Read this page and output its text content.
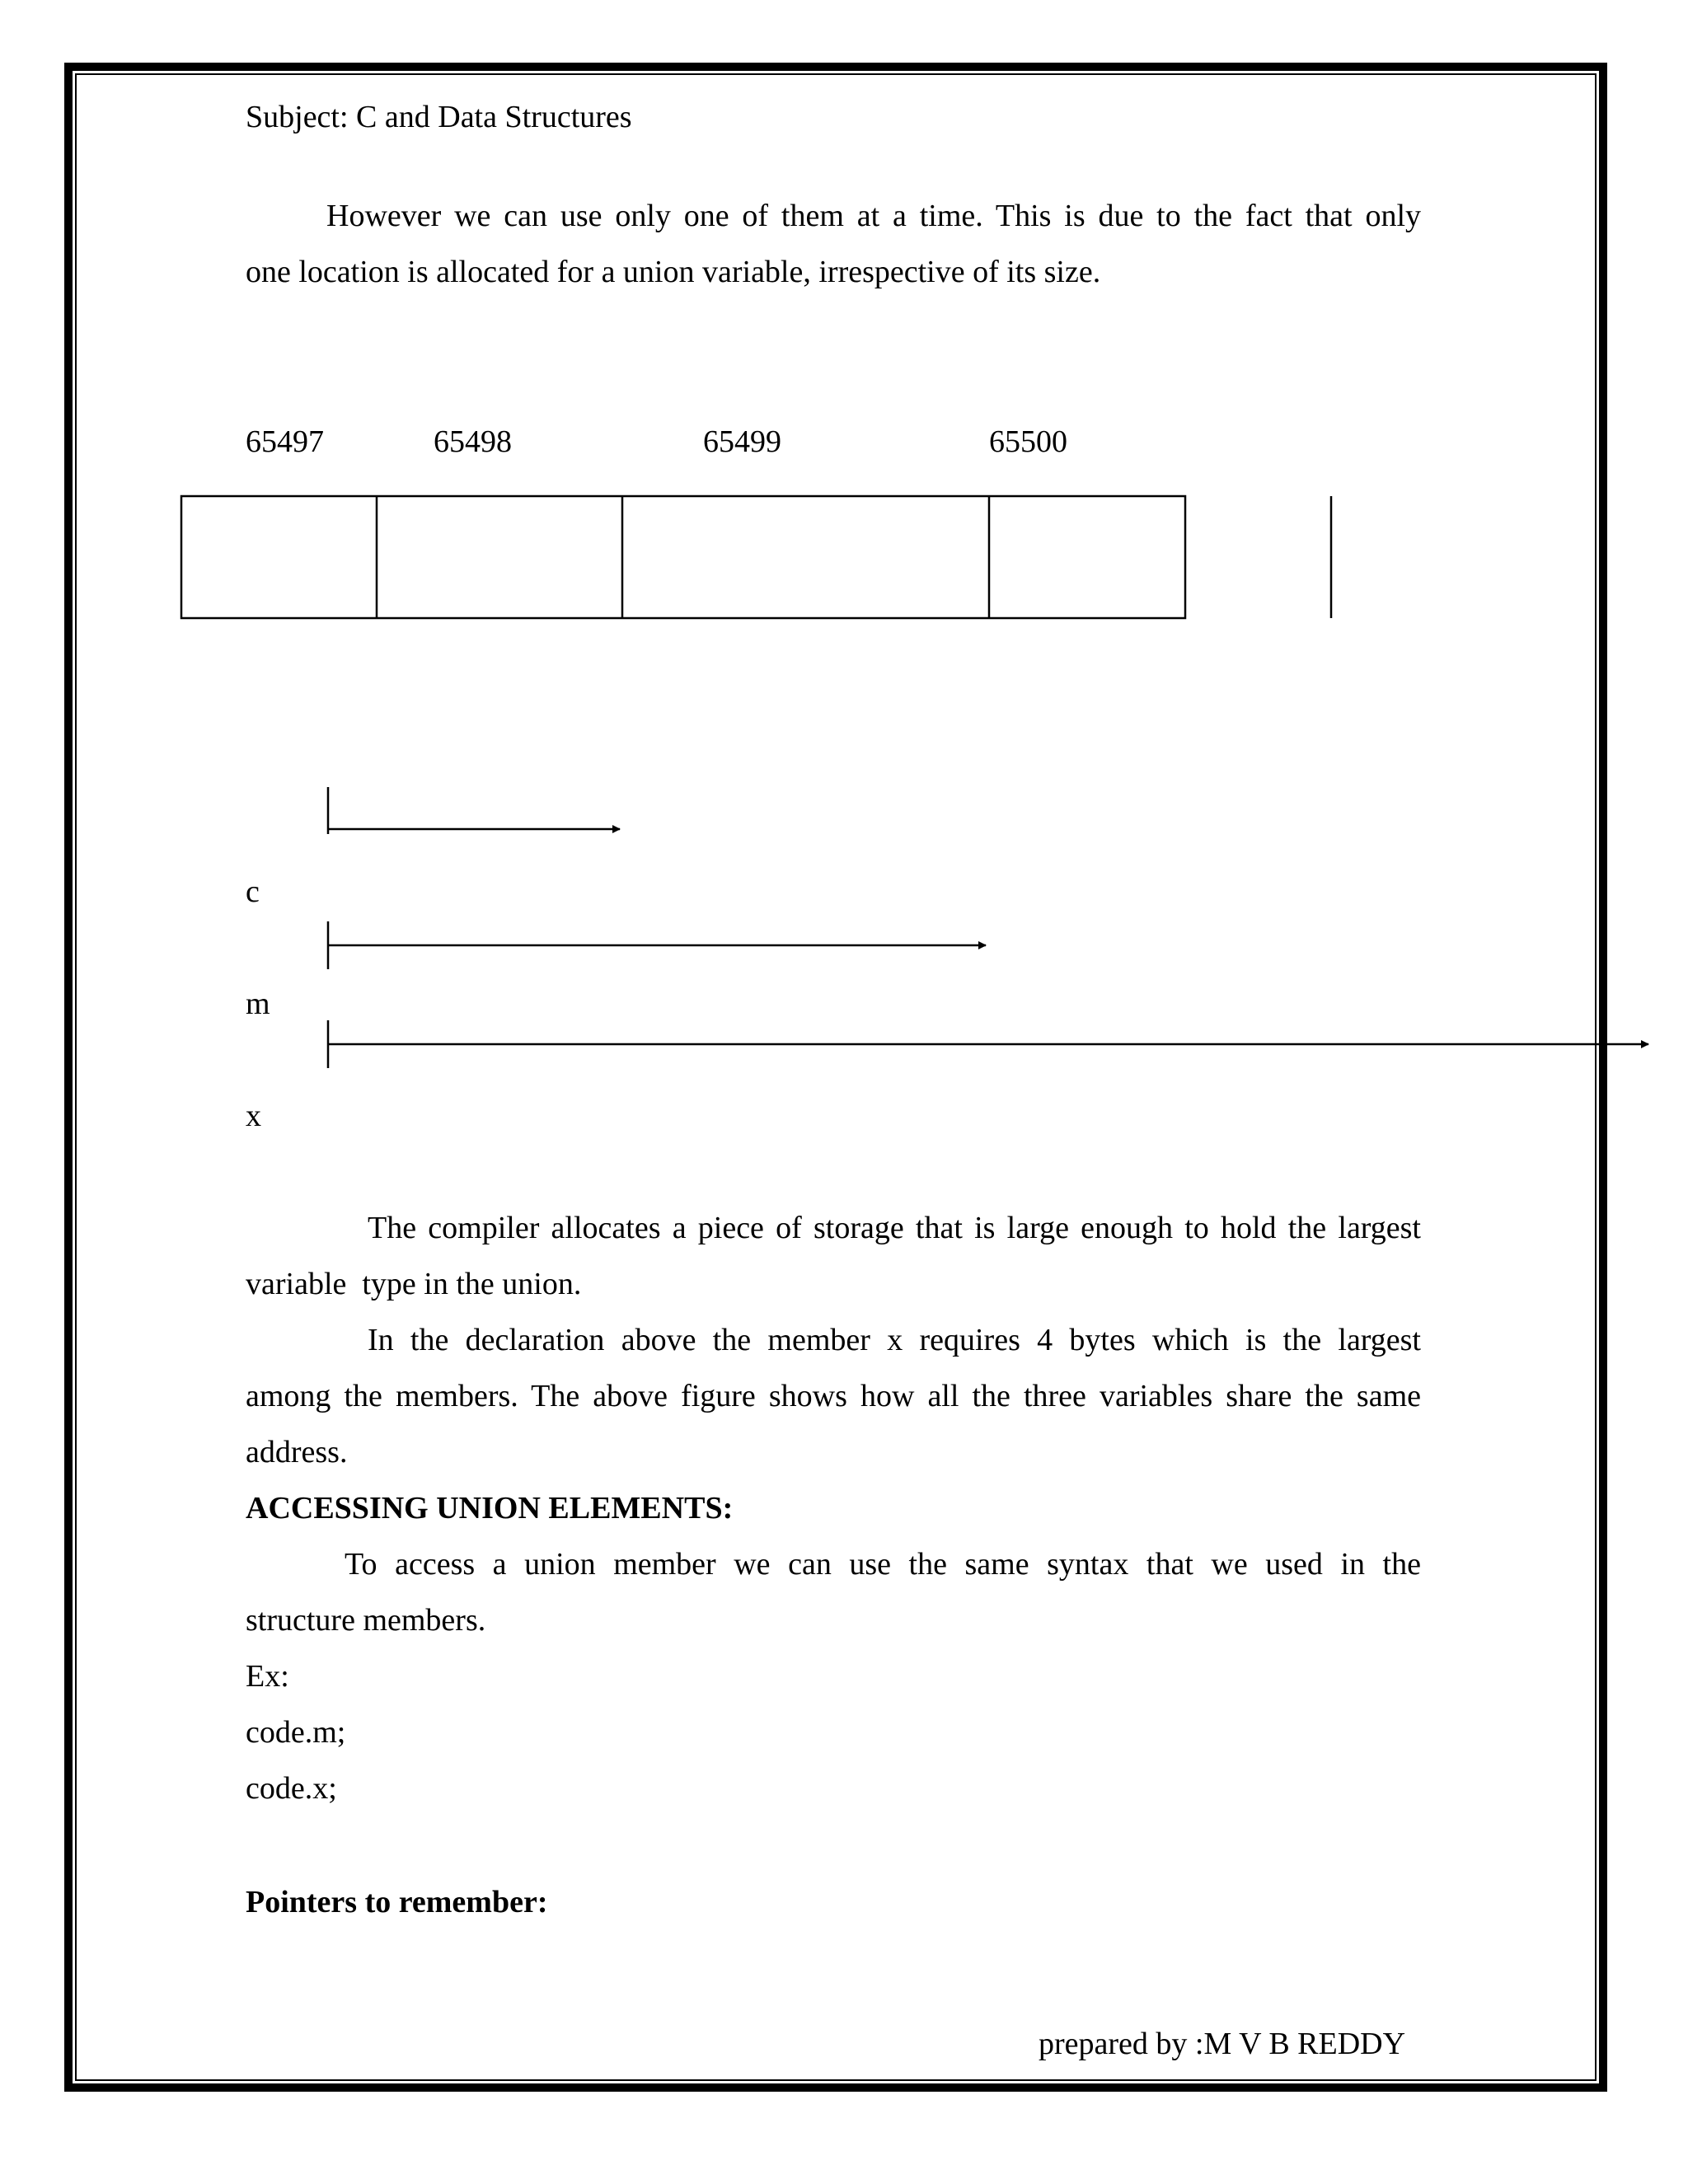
Subject: C and Data Structures
However we can use only one of them at a time. This is due to the fact that only
one location is allocated for a union variable, irrespective of its size.
65497	65498	65499	65500
c
m
x
The compiler allocates a piece of storage that is large enough to hold the largest
variable  type in the union.
In the declaration above the member x requires 4 bytes which is the largest
among the members. The above figure shows how all the three variables share the same
address.
ACCESSING UNION ELEMENTS:
To access a union member we can use the same syntax that we used in the
structure members.
Ex:
code.m;
code.x;
Pointers to remember:
prepared by :M V B REDDY
